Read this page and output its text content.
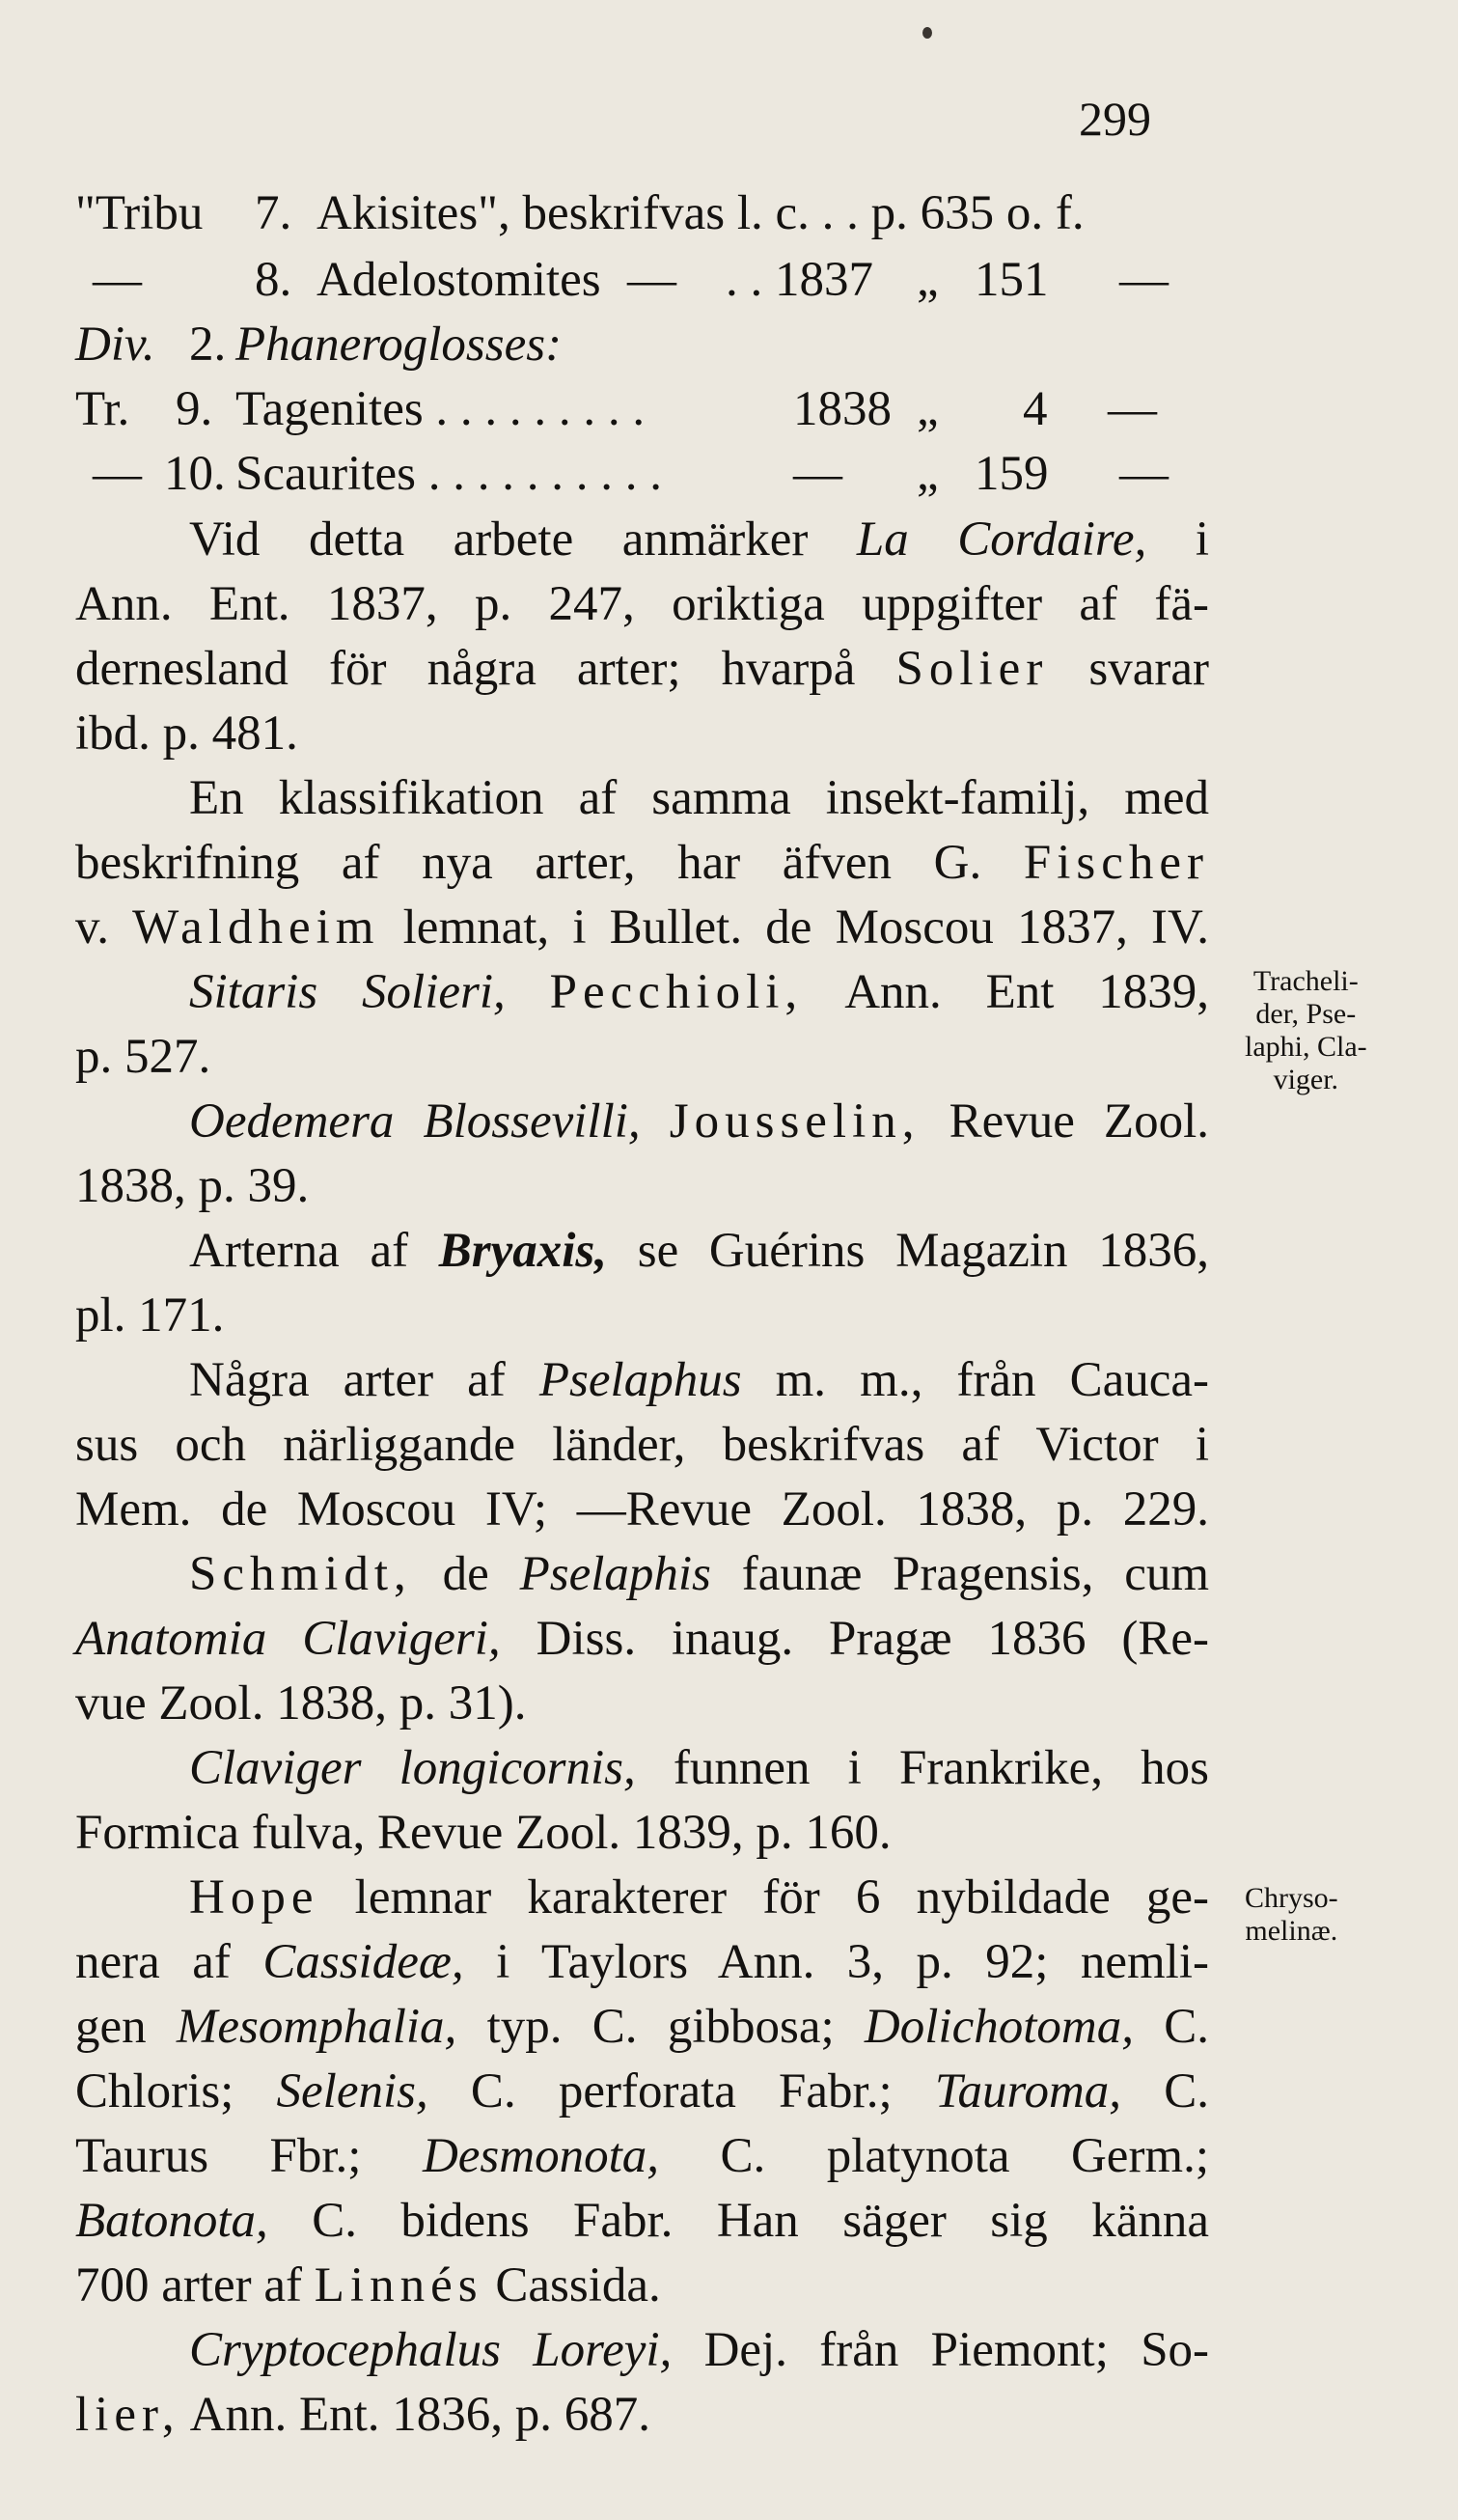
299
"Tribu 7. Akisites", beskrifvas l. c. . . p. 635 o. f.
— 8. Adelostomites — . . 1837 „ 151 —
Div. 2. Phaneroglosses:
Tr. 9. Tagenites . . . . . . . . .	1838 „ 4 —
— 10. Scaurites . . . . . . . . . .	— „ 159 —
Vid detta arbete anmärker La Cordaire, i
Ann. Ent. 1837, p. 247, oriktiga uppgifter af fä-
dernesland för några arter; hvarpå Solier svarar
ibd. p. 481.
En klassifikation af samma insekt-familj, med
beskrifning af nya arter, har äfven G. Fischer
v. Waldheim lemnat, i Bullet. de Moscou 1837, IV.
Sitaris Solieri, Pecchioli, Ann. Ent 1839,
p. 527.
Tracheli-
der, Pse-
laphi, Cla-
viger.
Oedemera Blossevilli, Jousselin, Revue Zool.
1838, p. 39.
Arterna af Bryaxis, se Guérins Magazin 1836,
pl. 171.
Några arter af Pselaphus m. m., från Cauca-
sus och närliggande länder, beskrifvas af Victor i
Mem. de Moscou IV; —Revue Zool. 1838, p. 229.
Schmidt, de Pselaphis faunæ Pragensis, cum
Anatomia Clavigeri, Diss. inaug. Pragæ 1836 (Re-
vue Zool. 1838, p. 31).
Claviger longicornis, funnen i Frankrike, hos
Formica fulva, Revue Zool. 1839, p. 160.
Hope lemnar karakterer för 6 nybildade ge- Chryso-
melinæ.
nera af Cassideæ, i Taylors Ann. 3, p. 92; nemli-
gen Mesomphalia, typ. C. gibbosa; Dolichotoma, C.
Chloris; Selenis, C. perforata Fabr.; Tauroma, C.
Taurus Fbr.; Desmonota, C. platynota Germ.;
Batonota, C. bidens Fabr. Han säger sig känna
700 arter af Linnés Cassida.
Cryptocephalus Loreyi, Dej. från Piemont; So-
lier, Ann. Ent. 1836, p. 687.
